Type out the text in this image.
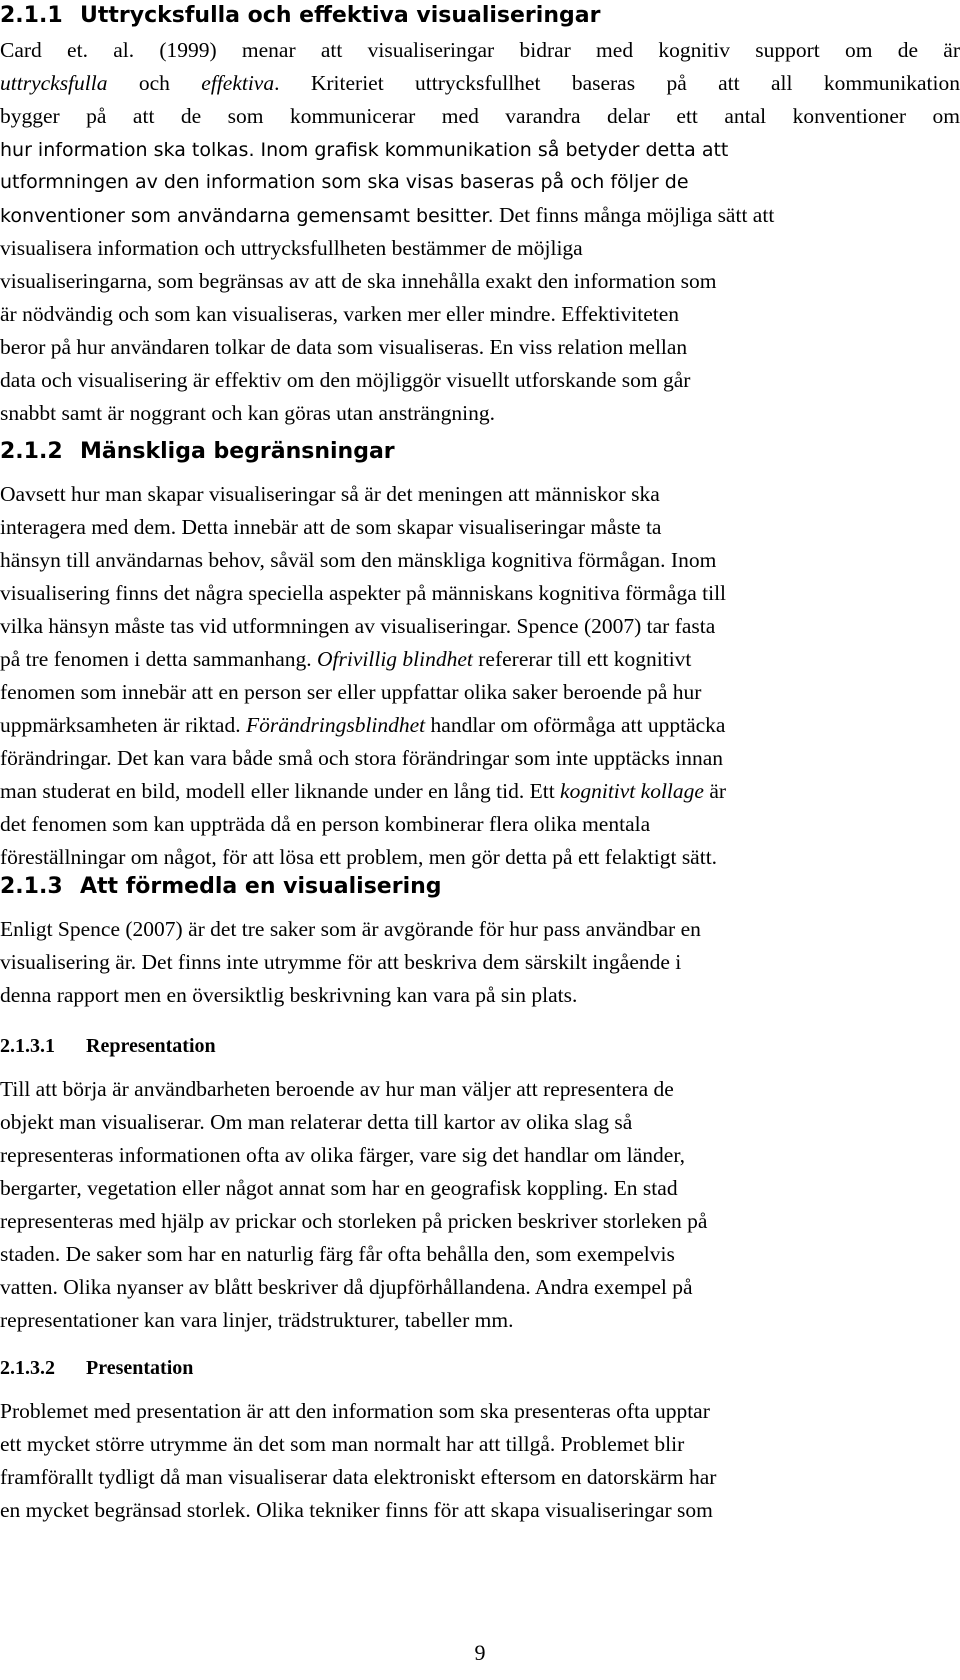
2.1.1 Uttrycksfulla och effektiva visualiseringar
Card et. al. (1999) menar att visualiseringar bidrar med kognitiv support om de är
uttrycksfulla och effektiva. Kriteriet uttrycksfullhet baseras på att all kommunikation
bygger på att de som kommunicerar med varandra delar ett antal konventioner om
hur information ska tolkas. Inom grafisk kommunikation så betyder detta att
utformningen av den information som ska visas baseras på och följer de
konventioner som användarna gemensamt besitter. Det finns många möjliga sätt att
visualisera information och uttrycksfullheten bestämmer de möjliga
visualiseringarna, som begränsas av att de ska innehålla exakt den information som
är nödvändig och som kan visualiseras, varken mer eller mindre. Effektiviteten
beror på hur användaren tolkar de data som visualiseras. En viss relation mellan
data och visualisering är effektiv om den möjliggör visuellt utforskande som går
snabbt samt är noggrant och kan göras utan ansträngning.
2.1.2 Mänskliga begränsningar
Oavsett hur man skapar visualiseringar så är det meningen att människor ska
interagera med dem. Detta innebär att de som skapar visualiseringar måste ta
hänsyn till användarnas behov, såväl som den mänskliga kognitiva förmågan. Inom
visualisering finns det några speciella aspekter på människans kognitiva förmåga till
vilka hänsyn måste tas vid utformningen av visualiseringar. Spence (2007) tar fasta
på tre fenomen i detta sammanhang. Ofrivillig blindhet refererar till ett kognitivt
fenomen som innebär att en person ser eller uppfattar olika saker beroende på hur
uppmärksamheten är riktad. Förändringsblindhet handlar om oförmåga att upptäcka
förändringar. Det kan vara både små och stora förändringar som inte upptäcks innan
man studerat en bild, modell eller liknande under en lång tid. Ett kognitivt kollage är
det fenomen som kan uppträda då en person kombinerar flera olika mentala
föreställningar om något, för att lösa ett problem, men gör detta på ett felaktigt sätt.
2.1.3 Att förmedla en visualisering
Enligt Spence (2007) är det tre saker som är avgörande för hur pass användbar en
visualisering är. Det finns inte utrymme för att beskriva dem särskilt ingående i
denna rapport men en översiktlig beskrivning kan vara på sin plats.
2.1.3.1 Representation
Till att börja är användbarheten beroende av hur man väljer att representera de
objekt man visualiserar. Om man relaterar detta till kartor av olika slag så
representeras informationen ofta av olika färger, vare sig det handlar om länder,
bergarter, vegetation eller något annat som har en geografisk koppling. En stad
representeras med hjälp av prickar och storleken på pricken beskriver storleken på
staden. De saker som har en naturlig färg får ofta behålla den, som exempelvis
vatten. Olika nyanser av blått beskriver då djupförhållandena. Andra exempel på
representationer kan vara linjer, trädstrukturer, tabeller mm.
2.1.3.2 Presentation
Problemet med presentation är att den information som ska presenteras ofta upptar
ett mycket större utrymme än det som man normalt har att tillgå. Problemet blir
framförallt tydligt då man visualiserar data elektroniskt eftersom en datorskärm har
en mycket begränsad storlek. Olika tekniker finns för att skapa visualiseringar som
9
